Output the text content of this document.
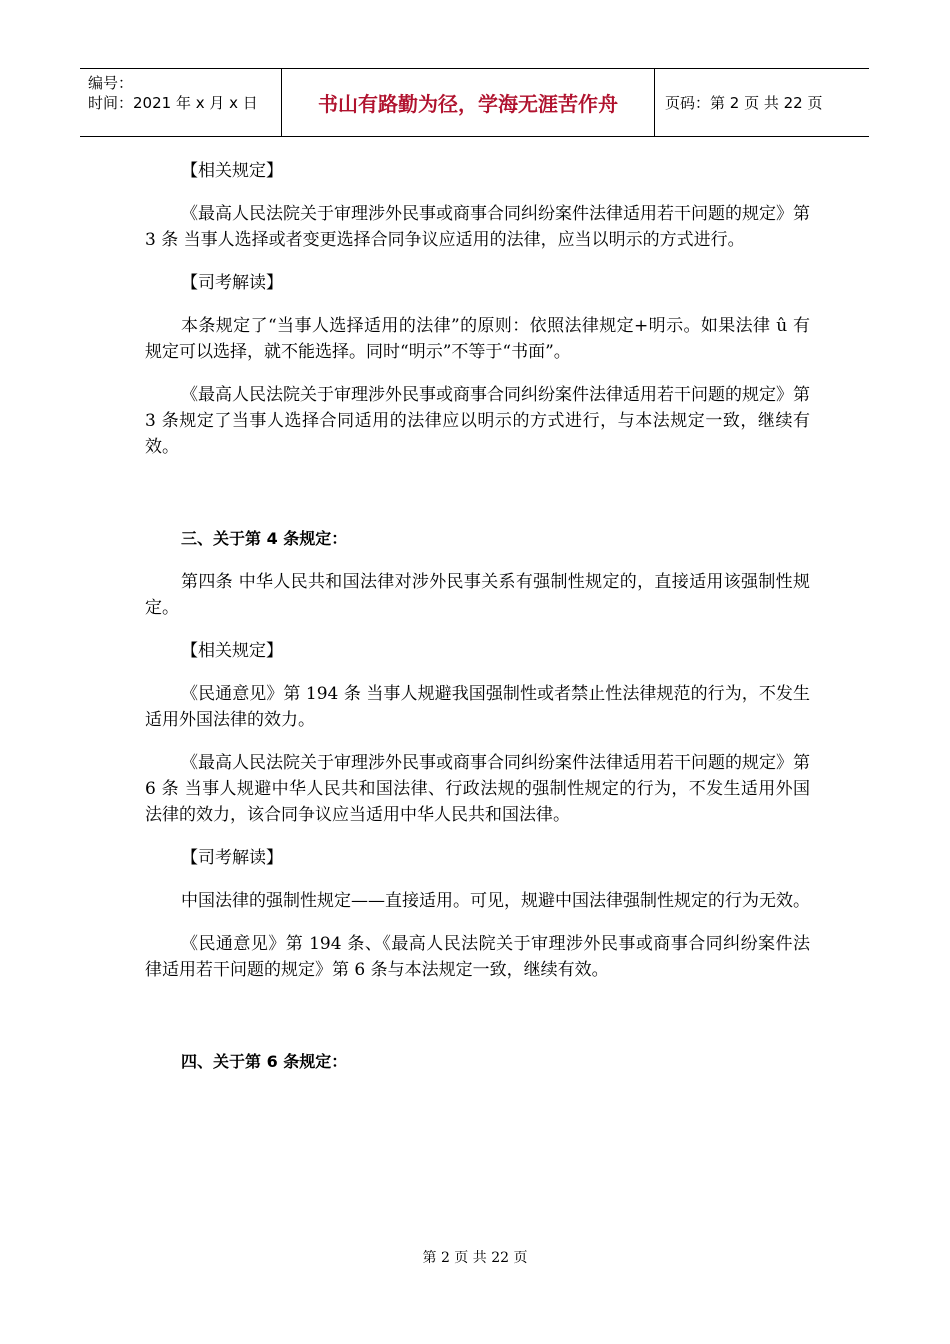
编号：
时间：2021 年 x 月 x 日	书山有路勤为径，学海无涯苦作舟	页码：第 2 页 共 22 页

【相关规定】

《最高人民法院关于审理涉外民事或商事合同纠纷案件法律适用若干问题的规定》第 3 条 当事人选择或者变更选择合同争议应适用的法律，应当以明示的方式进行。

【司考解读】

本条规定了“当事人选择适用的法律”的原则：依照法律规定+明示。如果法律 û 有规定可以选择，就不能选择。同时“明示”不等于“书面”。

《最高人民法院关于审理涉外民事或商事合同纠纷案件法律适用若干问题的规定》第 3 条规定了当事人选择合同适用的法律应以明示的方式进行，与本法规定一致，继续有效。

三、关于第 4 条规定：

第四条 中华人民共和国法律对涉外民事关系有强制性规定的，直接适用该强制性规定。

【相关规定】

《民通意见》第 194 条 当事人规避我国强制性或者禁止性法律规范的行为，不发生适用外国法律的效力。

《最高人民法院关于审理涉外民事或商事合同纠纷案件法律适用若干问题的规定》第 6 条 当事人规避中华人民共和国法律、行政法规的强制性规定的行为，不发生适用外国法律的效力，该合同争议应当适用中华人民共和国法律。

【司考解读】

中国法律的强制性规定——直接适用。可见，规避中国法律强制性规定的行为无效。

《民通意见》第 194 条、《最高人民法院关于审理涉外民事或商事合同纠纷案件法律适用若干问题的规定》第 6 条与本法规定一致，继续有效。

四、关于第 6 条规定：

第 2 页 共 22 页
